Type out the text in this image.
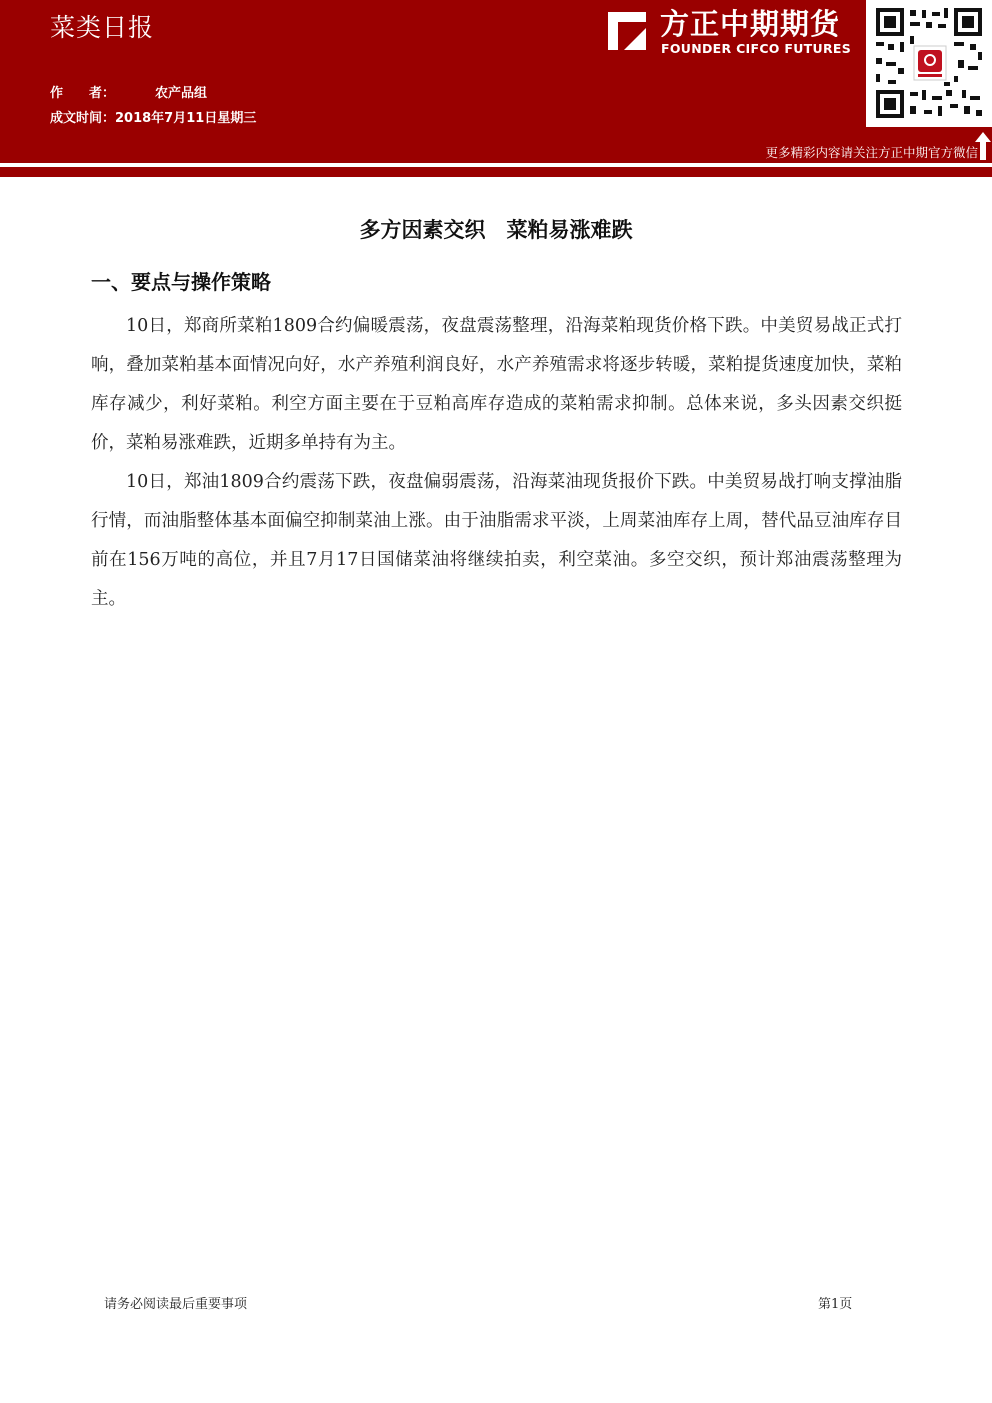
菜类日报
作　　者：	农产品组
成文时间：2018年7月11日星期三
方正中期期货
FOUNDER CIFCO FUTURES
更多精彩内容请关注方正中期官方微信
多方因素交织　菜粕易涨难跌
一、要点与操作策略

10日，郑商所菜粕1809合约偏暖震荡，夜盘震荡整理，沿海菜粕现货价格下跌。中美贸易战正式打响，叠加菜粕基本面情况向好，水产养殖利润良好，水产养殖需求将逐步转暖，菜粕提货速度加快，菜粕库存减少，利好菜粕。利空方面主要在于豆粕高库存造成的菜粕需求抑制。总体来说，多头因素交织挺价，菜粕易涨难跌，近期多单持有为主。

10日，郑油1809合约震荡下跌，夜盘偏弱震荡，沿海菜油现货报价下跌。中美贸易战打响支撑油脂行情，而油脂整体基本面偏空抑制菜油上涨。由于油脂需求平淡，上周菜油库存上周，替代品豆油库存目前在156万吨的高位，并且7月17日国储菜油将继续拍卖，利空菜油。多空交织，预计郑油震荡整理为主。

请务必阅读最后重要事项	第1页
